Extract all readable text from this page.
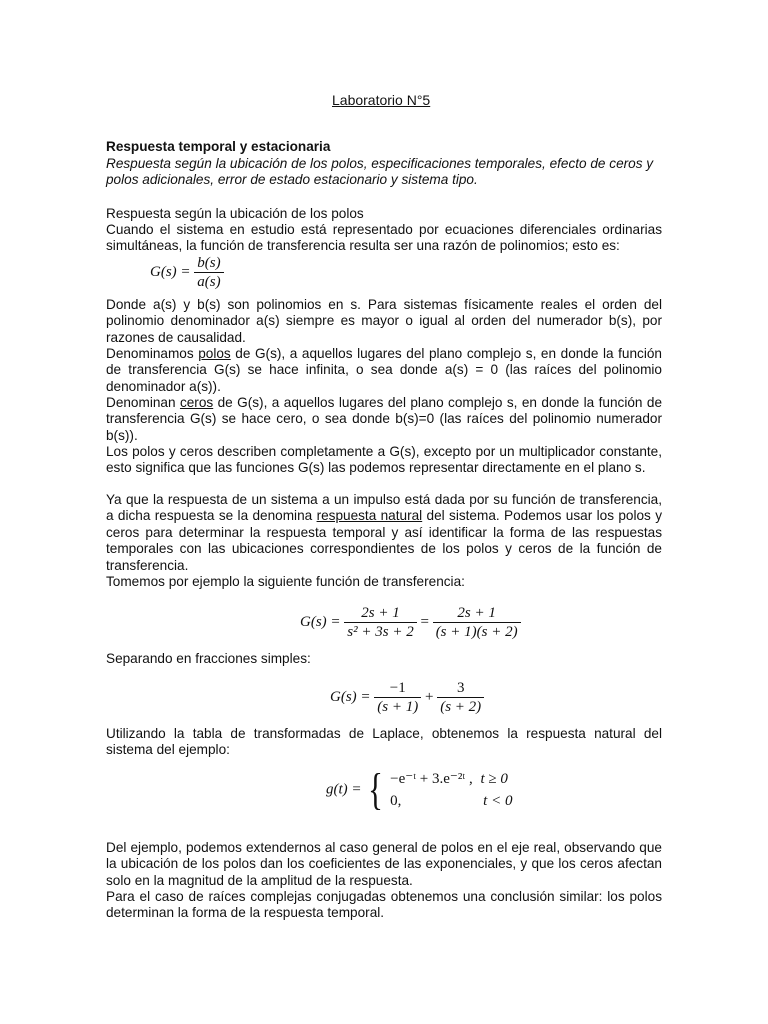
Laboratorio N°5
Respuesta temporal y estacionaria
Respuesta según la ubicación de los polos, especificaciones temporales, efecto de ceros y polos adicionales, error de estado estacionario y sistema tipo.
Respuesta según la ubicación de los polos
Cuando el sistema en estudio está representado por ecuaciones diferenciales ordinarias simultáneas, la función de transferencia resulta ser una razón de polinomios; esto es:
$G(s) = \frac{b(s)}{a(s)}$
Donde a(s) y b(s) son polinomios en s. Para sistemas físicamente reales el orden del polinomio denominador a(s) siempre es mayor o igual al orden del numerador b(s), por razones de causalidad.
Denominamos polos de G(s), a aquellos lugares del plano complejo s, en donde la función de transferencia G(s) se hace infinita, o sea donde a(s) = 0 (las raíces del polinomio denominador a(s)).
Denominan ceros de G(s), a aquellos lugares del plano complejo s, en donde la función de transferencia G(s) se hace cero, o sea donde b(s)=0 (las raíces del polinomio numerador b(s)).
Los polos y ceros describen completamente a G(s), excepto por un multiplicador constante, esto significa que las funciones G(s) las podemos representar directamente en el plano s.
Ya que la respuesta de un sistema a un impulso está dada por su función de transferencia, a dicha respuesta se la denomina respuesta natural del sistema. Podemos usar los polos y ceros para determinar la respuesta temporal y así identificar la forma de las respuestas temporales con las ubicaciones correspondientes de los polos y ceros de la función de transferencia.
Tomemos por ejemplo la siguiente función de transferencia:
$G(s) = \frac{2s + 1}{\text{s² + 3s + 2}} = \frac{2s + 1}{(s + 1)(s + 2)}$
Separando en fracciones simples:
$G(s) = \frac{-1}{(s + 1)} + \frac{3}{(s + 2)}$
Utilizando la tabla de transformadas de Laplace, obtenemos la respuesta natural del sistema del ejemplo:
g(t) = { −e⁻ᵗ + 3.e⁻²ᵗ , t ≥ 0
0,	t < 0
Del ejemplo, podemos extendernos al caso general de polos en el eje real, observando que la ubicación de los polos dan los coeficientes de las exponenciales, y que los ceros afectan solo en la magnitud de la amplitud de la respuesta.
Para el caso de raíces complejas conjugadas obtenemos una conclusión similar: los polos determinan la forma de la respuesta temporal.
